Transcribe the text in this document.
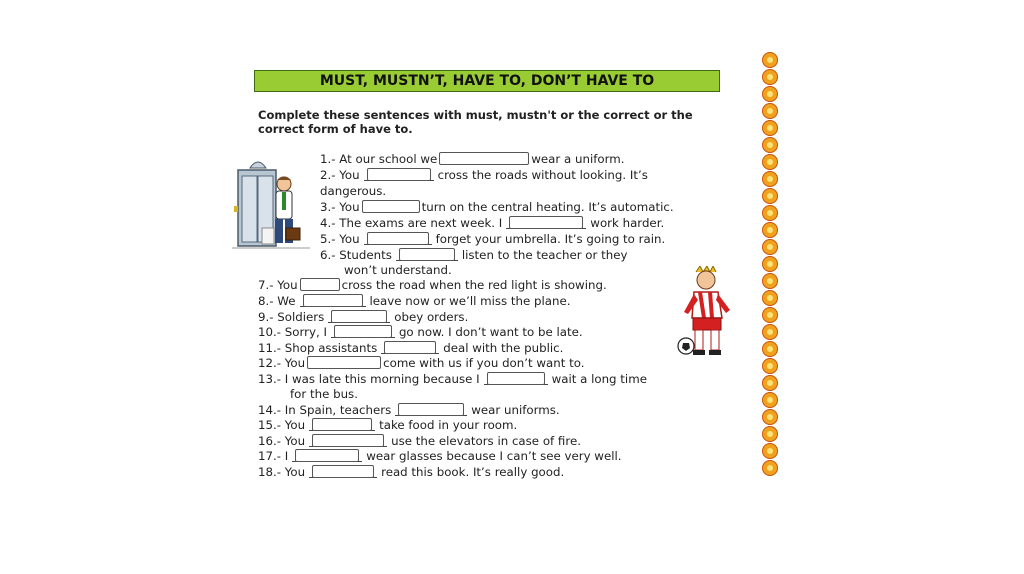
MUST, MUSTN’T, HAVE TO, DON’T HAVE TO
Complete these sentences with must, mustn't or the correct or the correct form of have to.
1.- At our school we	wear a uniform.
2.- You	cross the roads without looking. It’s
dangerous.
3.- You	turn on the central heating. It’s automatic.
4.- The exams are next week. I	work harder.
5.- You	forget your umbrella. It’s going to rain.
6.- Students	listen to the teacher or they
won’t understand.
7.- You	cross the road when the red light is showing.
8.- We	leave now or we’ll miss the plane.
9.- Soldiers	obey orders.
10.- Sorry, I	go now. I don’t want to be late.
11.- Shop assistants	deal with the public.
12.- You	come with us if you don’t want to.
13.- I was late this morning because I	wait a long time
for the bus.
14.- In Spain, teachers	wear uniforms.
15.- You	take food in your room.
16.- You	use the elevators in case of fire.
17.- I	wear glasses because I can’t see very well.
18.- You	read this book. It’s really good.
